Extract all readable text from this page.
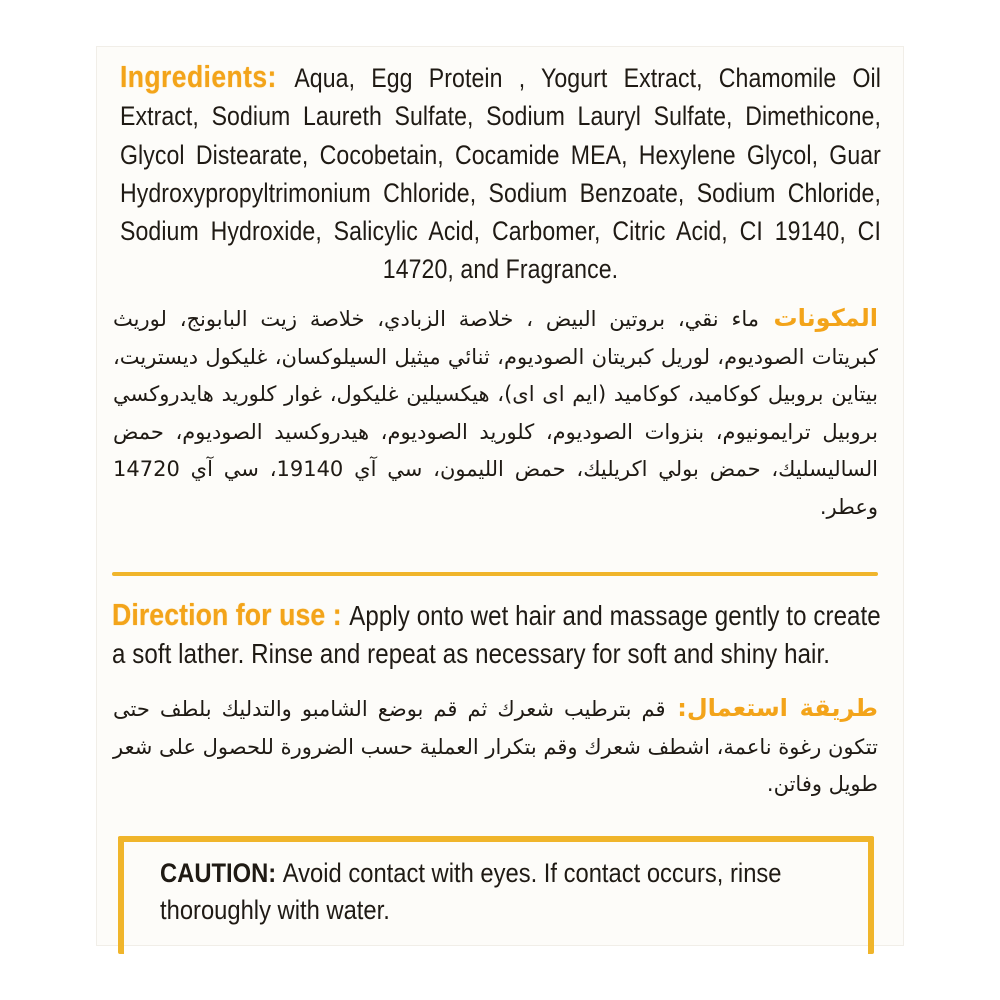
Ingredients: Aqua, Egg Protein , Yogurt Extract, Chamomile Oil Extract, Sodium Laureth Sulfate, Sodium Lauryl Sulfate, Dimethicone, Glycol Distearate, Cocobetain, Cocamide MEA, Hexylene Glycol, Guar Hydroxypropyltrimonium Chloride, Sodium Benzoate, Sodium Chloride, Sodium Hydroxide, Salicylic Acid, Carbomer, Citric Acid, CI 19140, CI 14720, and Fragrance.
المكونات ماء نقي، بروتين البيض ، خلاصة الزبادي، خلاصة زيت البابونج، لوريث كبريتات الصوديوم، لوريل كبريتان الصوديوم، ثنائي ميثيل السيلوكسان، غليكول ديستريت، بيتاين بروبيل كوكاميد، كوكاميد (ايم اى اى)، هيكسيلين غليكول، غوار كلوريد هايدروكسي بروبيل ترايمونيوم، بنزوات الصوديوم، كلوريد الصوديوم، هيدروكسيد الصوديوم، حمض الساليسليك، حمض بولي اكريليك، حمض الليمون، سي آي 19140، سي آي 14720 وعطر.
Direction for use : Apply onto wet hair and massage gently to create a soft lather. Rinse and repeat as necessary for soft and shiny hair.
طريقة استعمال: قم بترطيب شعرك ثم قم بوضع الشامبو والتدليك بلطف حتى تتكون رغوة ناعمة، اشطف شعرك وقم بتكرار العملية حسب الضرورة للحصول على شعر طويل وفاتن.
CAUTION: Avoid contact with eyes. If contact occurs, rinse thoroughly with water.
